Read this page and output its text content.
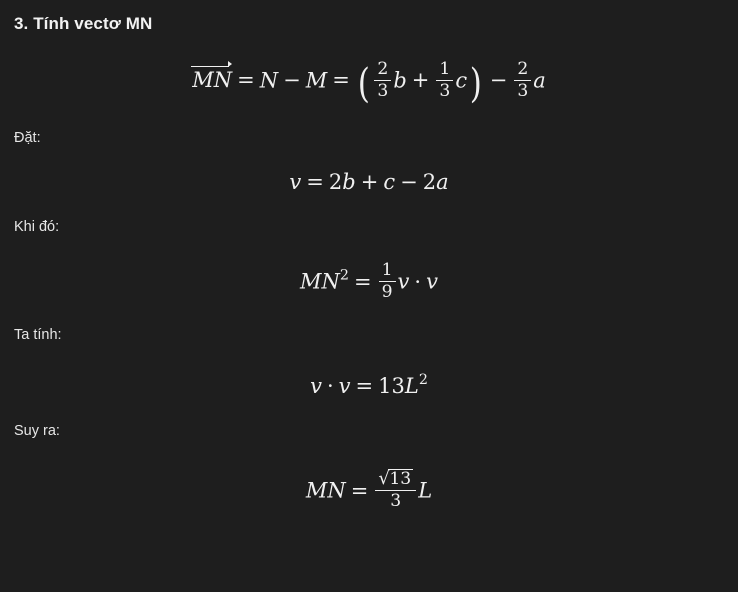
3. Tính vectơ MN
MN = N − M = ( $\frac{2}{3}$ $b + \frac{1}{3} c) - \frac{2}{3}$ a
Đặt:
v = 2b + c − 2a
Khi đó:
$MN^2 = \frac{1}{9}$ v · v
Ta tính:
$v \cdot v = 13L^2$
Suy ra:
MN = $\frac{√ 13}{3}$ L
